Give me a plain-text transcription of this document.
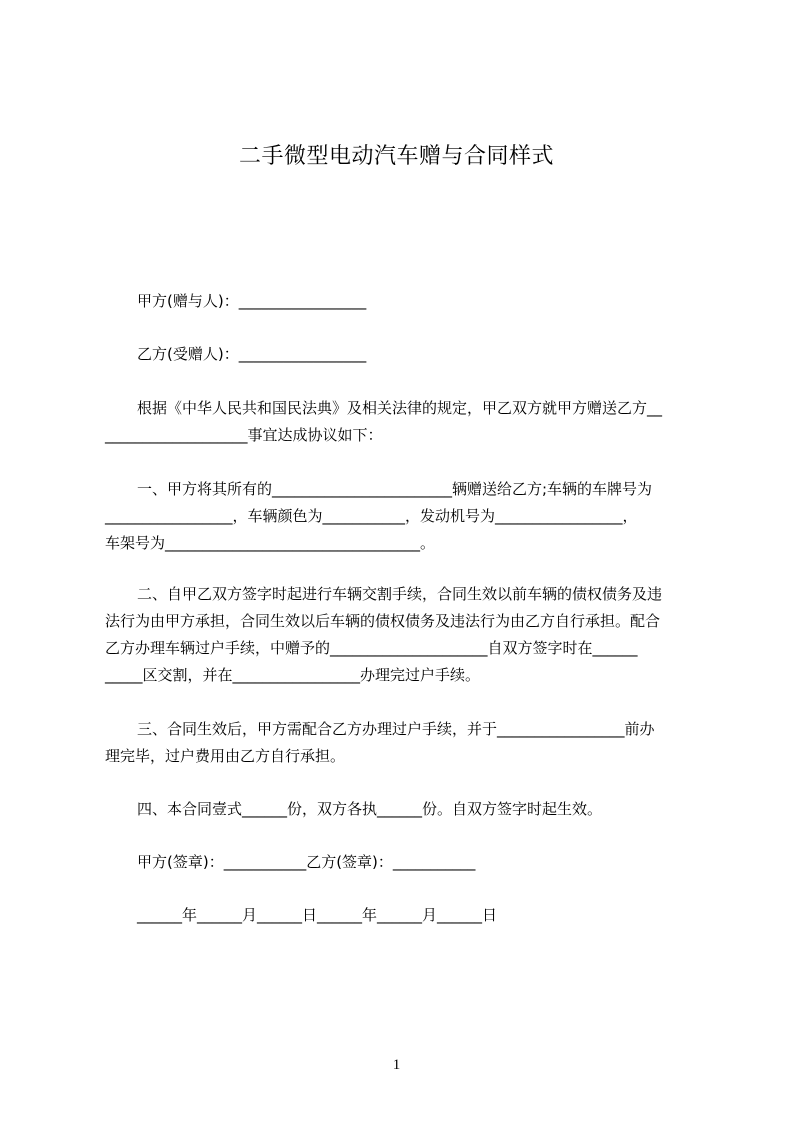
二手微型电动汽车赠与合同样式

甲方(赠与人)：_________________

乙方(受赠人)：_________________

根据《中华人民共和国民法典》及相关法律的规定，甲乙双方就甲方赠送乙方__

___________________事宜达成协议如下：

一、甲方将其所有的________________________辆赠送给乙方;车辆的车牌号为

_________________，车辆颜色为___________，发动机号为_________________，

车架号为__________________________________。

二、自甲乙双方签字时起进行车辆交割手续，合同生效以前车辆的债权债务及违

法行为由甲方承担，合同生效以后车辆的债权债务及违法行为由乙方自行承担。配合

乙方办理车辆过户手续，中赠予的_____________________自双方签字时在______

_____区交割，并在_________________办理完过户手续。

三、合同生效后，甲方需配合乙方办理过户手续，并于_________________前办

理完毕，过户费用由乙方自行承担。

四、本合同壹式______份，双方各执______份。自双方签字时起生效。

甲方(签章)：___________乙方(签章)：___________

______年______月______日______年______月______日

1
